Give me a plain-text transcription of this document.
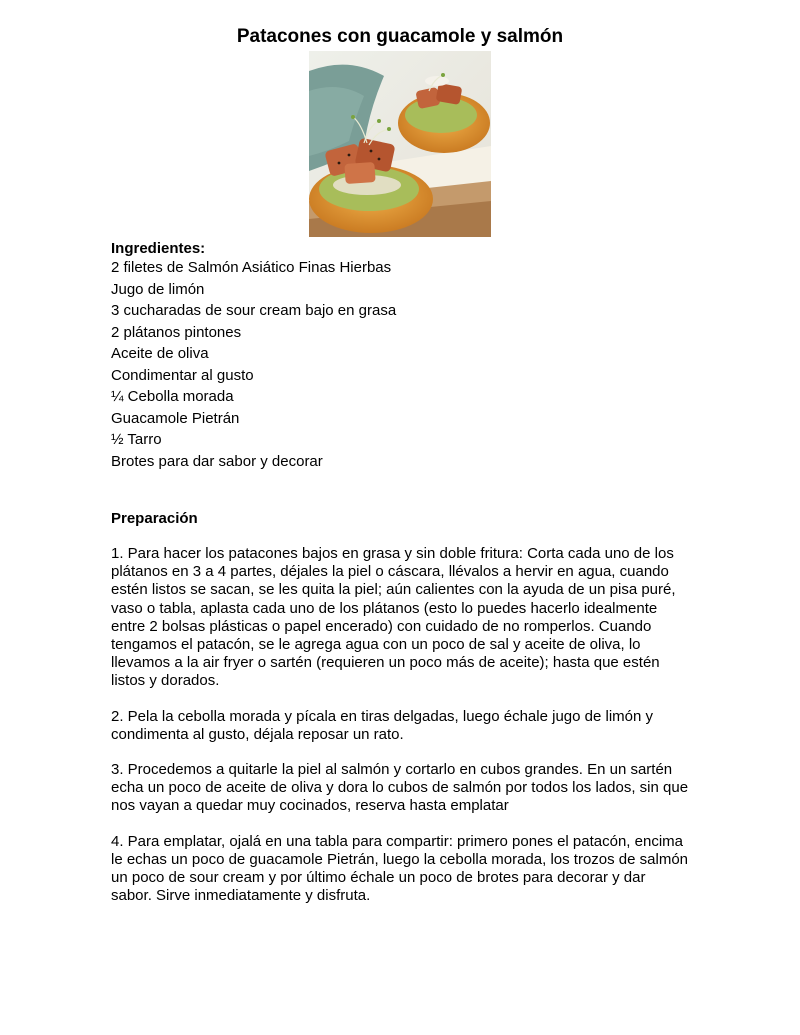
Patacones con guacamole y salmón
Ingredientes:
2 filetes de Salmón Asiático Finas Hierbas
Jugo de limón
3 cucharadas de sour cream bajo en grasa
2 plátanos pintones
Aceite de oliva
Condimentar al gusto
¼ Cebolla morada
Guacamole Pietrán
½ Tarro
Brotes para dar sabor y decorar
Preparación

1. Para hacer los patacones bajos en grasa y sin doble fritura: Corta cada uno de los plátanos en 3 a 4 partes, déjales la piel o cáscara, llévalos a hervir en agua, cuando estén listos se sacan, se les quita la piel; aún calientes con la ayuda de un pisa puré, vaso o tabla, aplasta cada uno de los plátanos (esto lo puedes hacerlo idealmente entre 2 bolsas plásticas o papel encerado) con cuidado de no romperlos. Cuando tengamos el patacón, se le agrega agua con un poco de sal y aceite de oliva, lo llevamos a la air fryer o sartén (requieren un poco más de aceite); hasta que estén listos y dorados.

2. Pela la cebolla morada y pícala en tiras delgadas, luego échale jugo de limón y condimenta al gusto, déjala reposar un rato.

3. Procedemos a quitarle la piel al salmón y cortarlo en cubos grandes. En un sartén echa un poco de aceite de oliva y dora lo cubos de salmón por todos los lados, sin que nos vayan a quedar muy cocinados, reserva hasta emplatar

4. Para emplatar, ojalá en una tabla para compartir: primero pones el patacón, encima le echas un poco de guacamole Pietrán, luego la cebolla morada, los trozos de salmón un poco de sour cream y por último échale un poco de brotes para decorar y dar sabor. Sirve inmediatamente y disfruta.
